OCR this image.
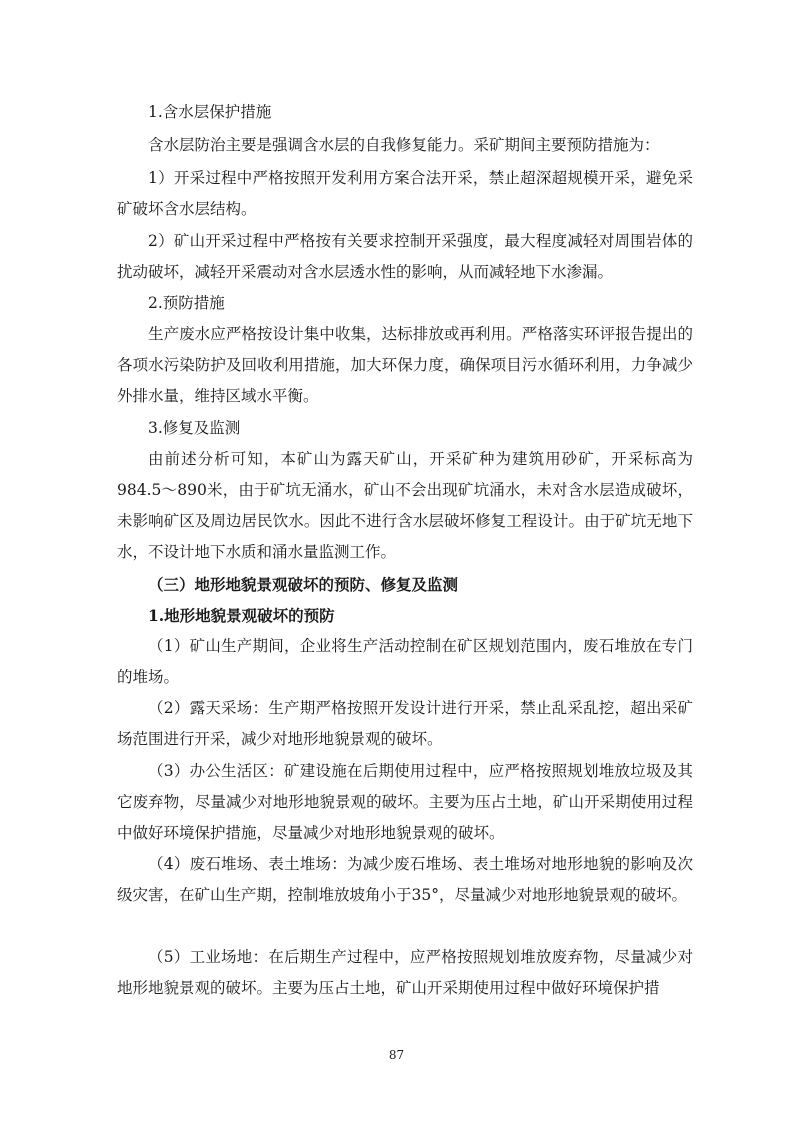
1.含水层保护措施

含水层防治主要是强调含水层的自我修复能力。采矿期间主要预防措施为：

1）开采过程中严格按照开发利用方案合法开采，禁止超深超规模开采，避免采矿破坏含水层结构。

2）矿山开采过程中严格按有关要求控制开采强度，最大程度减轻对周围岩体的扰动破坏，减轻开采震动对含水层透水性的影响，从而减轻地下水渗漏。

2.预防措施

生产废水应严格按设计集中收集，达标排放或再利用。严格落实环评报告提出的各项水污染防护及回收利用措施，加大环保力度，确保项目污水循环利用，力争减少外排水量，维持区域水平衡。

3.修复及监测

由前述分析可知，本矿山为露天矿山，开采矿种为建筑用砂矿，开采标高为984.5～890米，由于矿坑无涌水，矿山不会出现矿坑涌水，未对含水层造成破坏，未影响矿区及周边居民饮水。因此不进行含水层破坏修复工程设计。由于矿坑无地下水，不设计地下水质和涌水量监测工作。

（三）地形地貌景观破坏的预防、修复及监测

1.地形地貌景观破坏的预防

（1）矿山生产期间，企业将生产活动控制在矿区规划范围内，废石堆放在专门的堆场。

（2）露天采场：生产期严格按照开发设计进行开采，禁止乱采乱挖，超出采矿场范围进行开采，减少对地形地貌景观的破坏。

（3）办公生活区：矿建设施在后期使用过程中，应严格按照规划堆放垃圾及其它废弃物，尽量减少对地形地貌景观的破坏。主要为压占土地，矿山开采期使用过程中做好环境保护措施，尽量减少对地形地貌景观的破坏。

（4）废石堆场、表土堆场：为减少废石堆场、表土堆场对地形地貌的影响及次级灾害，在矿山生产期，控制堆放坡角小于35°，尽量减少对地形地貌景观的破坏。

（5）工业场地：在后期生产过程中，应严格按照规划堆放废弃物，尽量减少对地形地貌景观的破坏。主要为压占土地，矿山开采期使用过程中做好环境保护措

87
